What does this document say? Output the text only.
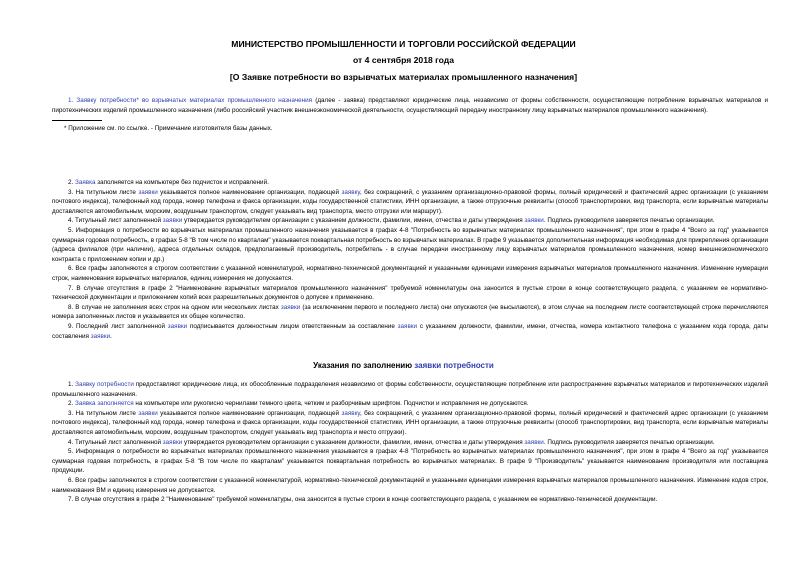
МИНИСТЕРСТВО ПРОМЫШЛЕННОСТИ И ТОРГОВЛИ РОССИЙСКОЙ ФЕДЕРАЦИИ
от 4 сентября 2018 года
[О Заявке потребности во взрывчатых материалах промышленного назначения]

1. Заявку потребности* во взрывчатых материалах промышленного назначения (далее - заявка) представляют юридические лица, независимо от формы собственности, осуществляющие потребление взрывчатых материалов и пиротехнических изделий промышленного назначения (либо российский участник внешнеэкономической деятельности, осуществляющий передачу иностранному лицу взрывчатых материалов промышленного назначения).

* Приложение см. по ссылке. - Примечание изготовителя базы данных.

2. Заявка заполняется на компьютере без подчисток и исправлений.

3. На титульном листе заявки указывается полное наименование организации, подающей заявку, без сокращений, с указанием организационно-правовой формы, полный юридический и фактический адрес организации (с указанием почтового индекса), телефонный код города, номер телефона и факса организации, коды государственной статистики, ИНН организации, а также отгрузочные реквизиты (способ транспортировки, вид транспорта, если взрывчатые материалы доставляются автомобильным, морским, воздушным транспортом, следует указывать вид транспорта, место отгрузки или маршрут).

4. Титульный лист заполненной заявки утверждается руководителем организации с указанием должности, фамилии, имени, отчества и даты утверждения заявки. Подпись руководителя заверяется печатью организации.

5. Информация о потребности во взрывчатых материалах промышленного назначения указывается в графах 4-8 "Потребность во взрывчатых материалах промышленного назначения", при этом в графе 4 "Всего за год" указывается суммарная годовая потребность, в графах 5-8 "В том числе по кварталам" указывается поквартальная потребность во взрывчатых материалах. В графе 9 указывается дополнительная информация необходимая для прикрепления организации (адреса филиалов (при наличии), адреса отдельных складов, предполагаемый производитель, потребитель - в случае передачи иностранному лицу взрывчатых материалов промышленного назначения, номер внешнеэкономического контракта с приложением копии и др.)

6. Все графы заполняются в строгом соответствии с указанной номенклатурой, нормативно-технической документацией и указанными единицами измерения взрывчатых материалов промышленного назначения. Изменение нумерации строк, наименования взрывчатых материалов, единиц измерения не допускается.

7. В случае отсутствия в графе 2 "Наименование взрывчатых материалов промышленного назначения" требуемой номенклатуры она заносится в пустые строки в конце соответствующего раздела, с указанием ее нормативно-технической документации и приложением копий всех разрешительных документов о допуске к применению.

8. В случае не заполнения всех строк на одном или нескольких листах заявки (за исключением первого и последнего листа) они опускаются (не высылаются), в этом случае на последнем листе соответствующей строке перечисляются номера заполненных листов и указывается их общее количество.

9. Последний лист заполненной заявки подписывается должностным лицом ответственным за составление заявки с указанием должности, фамилии, имени, отчества, номера контактного телефона с указанием кода города, даты составления заявки.

Указания по заполнению заявки потребности

1. Заявку потребности предоставляют юридические лица, их обособленные подразделения независимо от формы собственности, осуществляющие потребление или распространение взрывчатых материалов и пиротехнических изделий промышленного назначения.

2. Заявка заполняется на компьютере или рукописно чернилами темного цвета, четким и разборчивым шрифтом. Подчистки и исправления не допускаются.

3. На титульном листе заявки указывается полное наименование организации, подающей заявку, без сокращений, с указанием организационно-правовой формы, полный юридический и фактический адрес организации (с указанием почтового индекса), телефонный код города, номер телефона и факса организации, коды государственной статистики, ИНН организации, а также отгрузочные реквизиты (способ транспортировки, вид транспорта, если взрывчатые материалы доставляются автомобильным, морским, воздушным транспортом, следует указывать вид транспорта и место отгрузки).

4. Титульный лист заполненной заявки утверждается руководителем организации с указанием должности, фамилии, имени, отчества и даты утверждения заявки. Подпись руководителя заверяется печатью организации.

5. Информация о потребности во взрывчатых материалах промышленного назначения указывается в графах 4-8 "Потребность во взрывчатых материалах промышленного назначения", при этом в графе 4 "Всего за год" указывается суммарная годовая потребность, в графах 5-8 "В том числе по кварталам" указывается поквартальная потребность во взрывчатых материалах. В графе 9 "Производитель" указывается наименование производителя или поставщика продукции.

6. Все графы заполняются в строгом соответствии с указанной номенклатурой, нормативно-технической документацией и указанными единицами измерения взрывчатых материалов промышленного назначения. Изменение кодов строк, наименования ВМ и единиц измерения не допускается.

7. В случае отсутствия в графе 2 "Наименование" требуемой номенклатуры, она заносится в пустые строки в конце соответствующего раздела, с указанием ее нормативно-технической документации.
